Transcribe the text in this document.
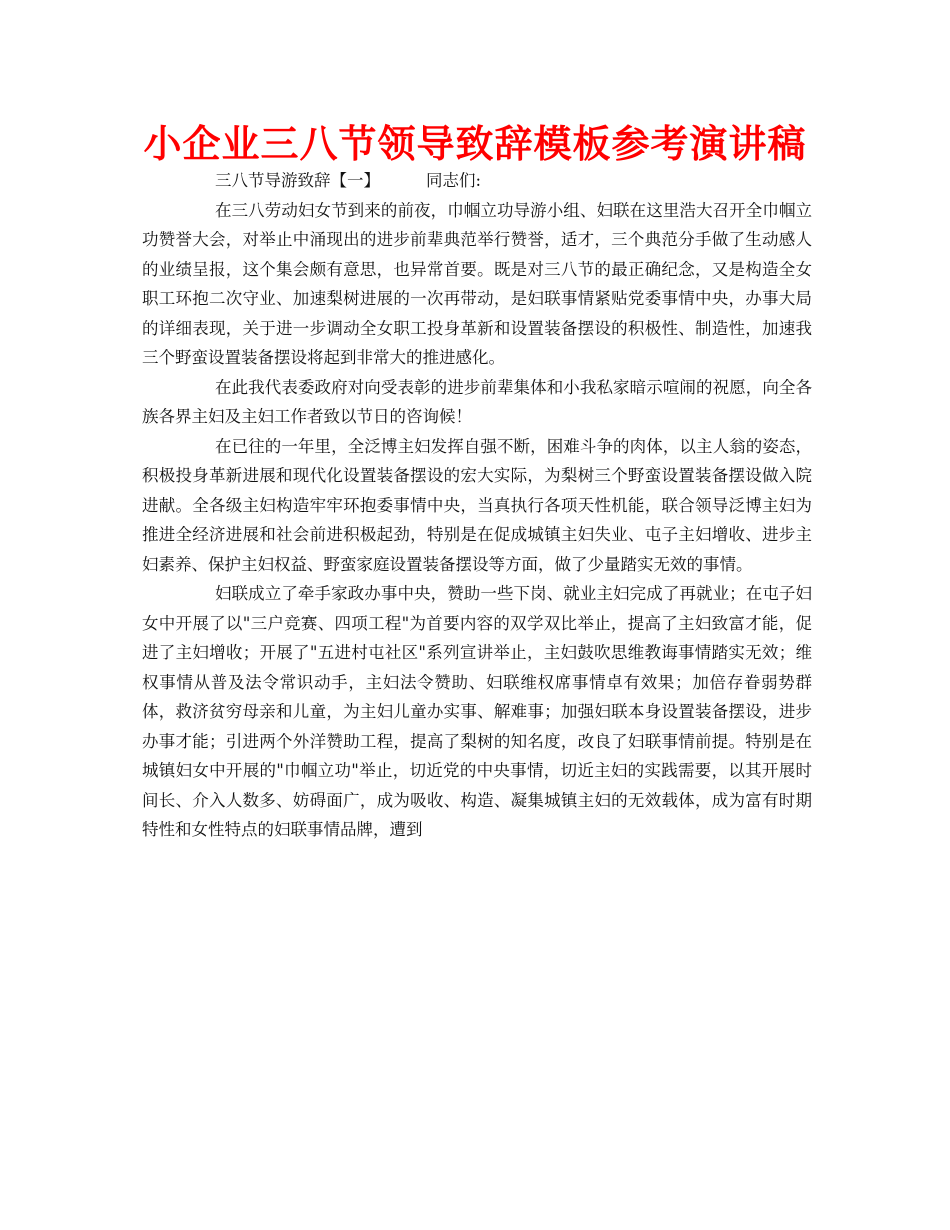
小企业三八节领导致辞模板参考演讲稿

三八节导游致辞【一】	同志们:

在三八劳动妇女节到来的前夜，巾帼立功导游小组、妇联在这里浩大召开全巾帼立功赞誉大会，对举止中涌现出的进步前辈典范举行赞誉，适才，三个典范分手做了生动感人的业绩呈报，这个集会颇有意思，也异常首要。既是对三八节的最正确纪念，又是构造全女职工环抱二次守业、加速梨树进展的一次再带动，是妇联事情紧贴党委事情中央，办事大局的详细表现，关于进一步调动全女职工投身革新和设置装备摆设的积极性、制造性，加速我三个野蛮设置装备摆设将起到非常大的推进感化。

在此我代表委政府对向受表彰的进步前辈集体和小我私家暗示喧闹的祝愿，向全各族各界主妇及主妇工作者致以节日的咨询候！

在已往的一年里，全泛博主妇发挥自强不断，困难斗争的肉体，以主人翁的姿态，积极投身革新进展和现代化设置装备摆设的宏大实际，为梨树三个野蛮设置装备摆设做入院进献。全各级主妇构造牢牢环抱委事情中央，当真执行各项天性机能，联合领导泛博主妇为推进全经济进展和社会前进积极起劲，特别是在促成城镇主妇失业、屯子主妇增收、进步主妇素养、保护主妇权益、野蛮家庭设置装备摆设等方面，做了少量踏实无效的事情。

妇联成立了牵手家政办事中央，赞助一些下岗、就业主妇完成了再就业；在屯子妇女中开展了以"三户竞赛、四项工程"为首要内容的双学双比举止，提高了主妇致富才能，促进了主妇增收；开展了"五进村屯社区"系列宣讲举止，主妇鼓吹思维教诲事情踏实无效；维权事情从普及法令常识动手，主妇法令赞助、妇联维权席事情卓有效果；加倍存眷弱势群体，救济贫穷母亲和儿童，为主妇儿童办实事、解难事；加强妇联本身设置装备摆设，进步办事才能；引进两个外洋赞助工程，提高了梨树的知名度，改良了妇联事情前提。特别是在城镇妇女中开展的"巾帼立功"举止，切近党的中央事情，切近主妇的实践需要，以其开展时间长、介入人数多、妨碍面广，成为吸收、构造、凝集城镇主妇的无效载体，成为富有时期特性和女性特点的妇联事情品牌，遭到
